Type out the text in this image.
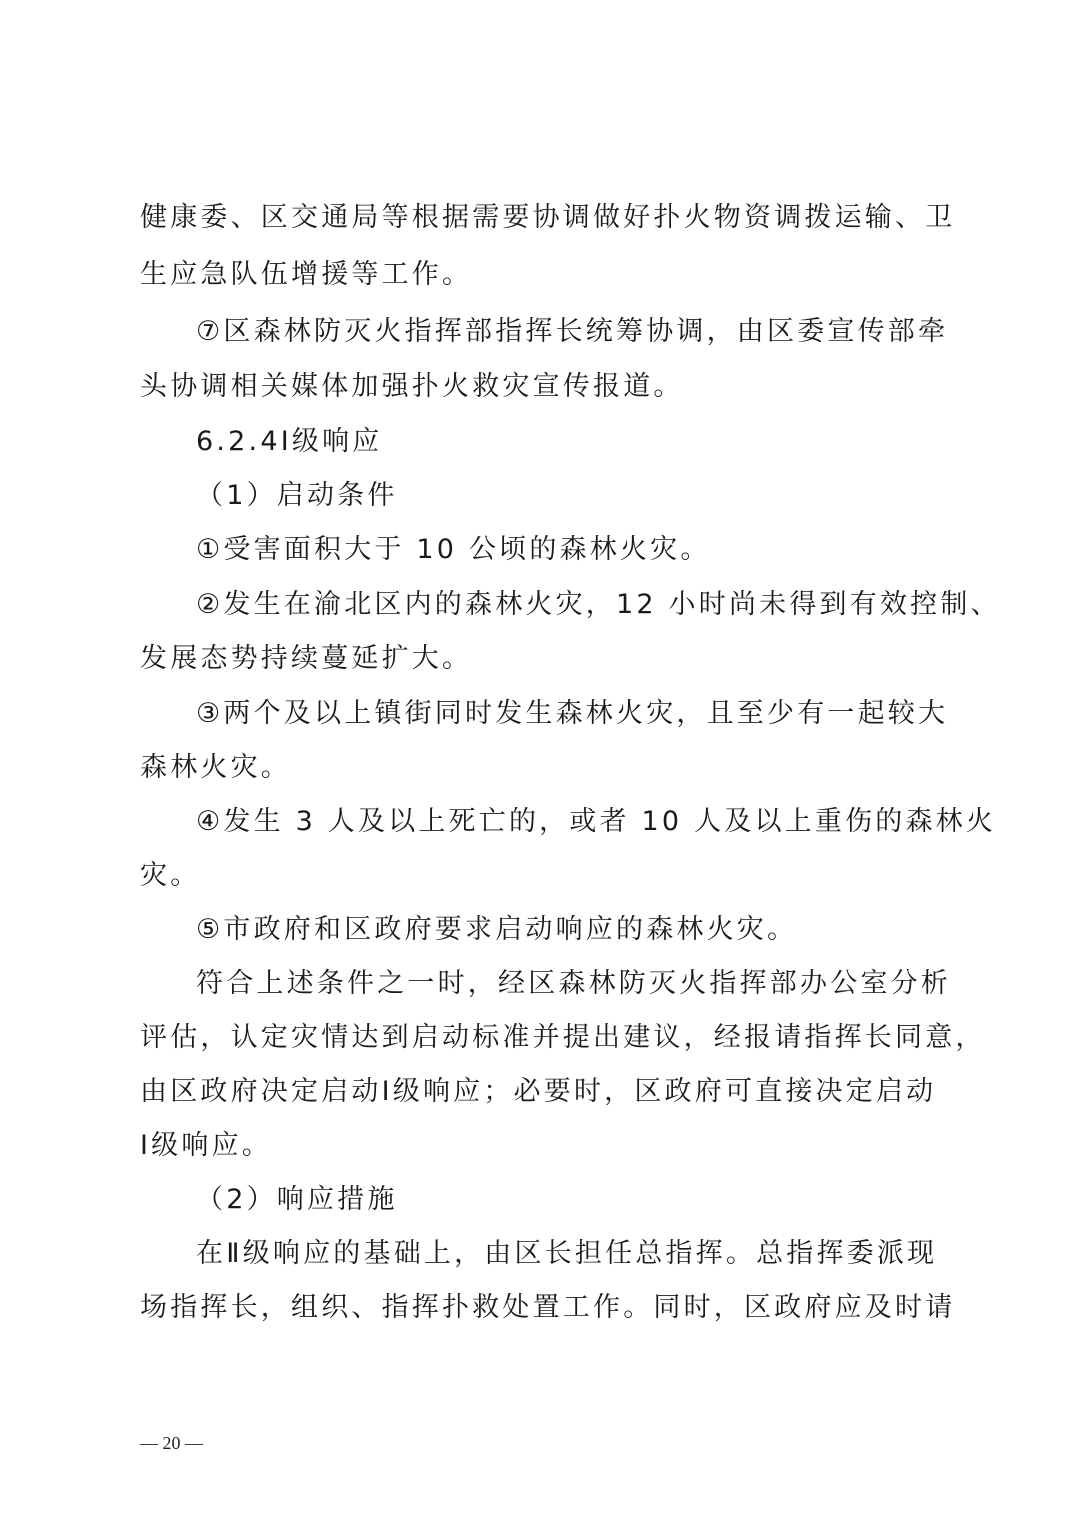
健康委、区交通局等根据需要协调做好扑火物资调拨运输、卫
生应急队伍增援等工作。
⑦区森林防灭火指挥部指挥长统筹协调，由区委宣传部牵
头协调相关媒体加强扑火救灾宣传报道。
6.2.4Ⅰ级响应
（1）启动条件
①受害面积大于 10 公顷的森林火灾。
②发生在渝北区内的森林火灾，12 小时尚未得到有效控制、
发展态势持续蔓延扩大。
③两个及以上镇街同时发生森林火灾，且至少有一起较大
森林火灾。
④发生 3 人及以上死亡的，或者 10 人及以上重伤的森林火
灾。
⑤市政府和区政府要求启动响应的森林火灾。
符合上述条件之一时，经区森林防灭火指挥部办公室分析
评估，认定灾情达到启动标准并提出建议，经报请指挥长同意，
由区政府决定启动Ⅰ级响应；必要时，区政府可直接决定启动
Ⅰ级响应。
（2）响应措施
在Ⅱ级响应的基础上，由区长担任总指挥。总指挥委派现
场指挥长，组织、指挥扑救处置工作。同时，区政府应及时请
— 20 —
